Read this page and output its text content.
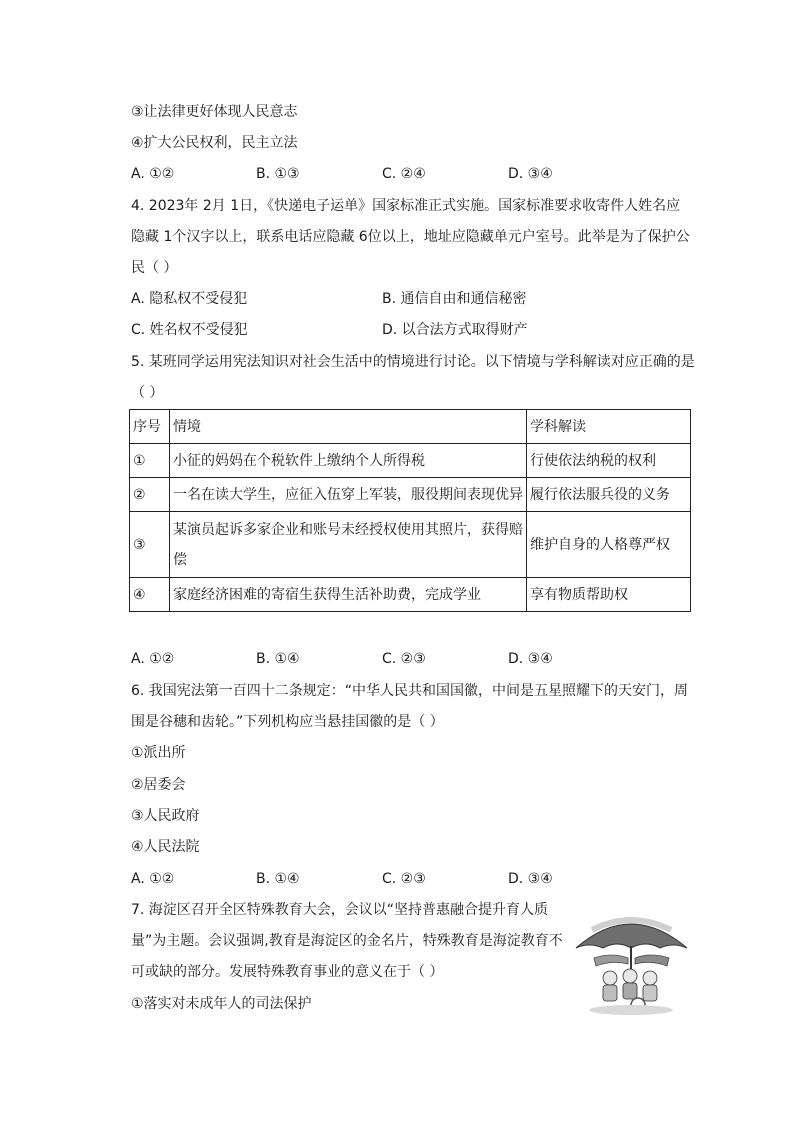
③让法律更好体现人民意志
④扩大公民权利，民主立法
A. ①②	B. ①③	C. ②④	D. ③④
4. 2023年 2月 1日，《快递电子运单》国家标准正式实施。国家标准要求收寄件人姓名应
隐藏 1个汉字以上，联系电话应隐藏 6位以上，地址应隐藏单元户室号。此举是为了保护公
民（ ）
A. 隐私权不受侵犯	B. 通信自由和通信秘密
C. 姓名权不受侵犯	D. 以合法方式取得财产
5. 某班同学运用宪法知识对社会生活中的情境进行讨论。以下情境与学科解读对应正确的是
（ ）
序号	情境	学科解读
①	小征的妈妈在个税软件上缴纳个人所得税	行使依法纳税的权利
②	一名在读大学生，应征入伍穿上军装，服役期间表现优异	履行依法服兵役的义务
③	某演员起诉多家企业和账号未经授权使用其照片，获得赔偿	维护自身的人格尊严权
④	家庭经济困难的寄宿生获得生活补助费，完成学业	享有物质帮助权
A. ①②	B. ①④	C. ②③	D. ③④
6. 我国宪法第一百四十二条规定：“中华人民共和国国徽，中间是五星照耀下的天安门，周
围是谷穗和齿轮。”下列机构应当悬挂国徽的是（ ）
①派出所
②居委会
③人民政府
④人民法院
A. ①②	B. ①④	C. ②③	D. ③④
7. 海淀区召开全区特殊教育大会，会议以“坚持普惠融合提升育人质
量”为主题。会议强调,教育是海淀区的金名片，特殊教育是海淀教育不
可或缺的部分。发展特殊教育事业的意义在于（ ）
①落实对未成年人的司法保护
